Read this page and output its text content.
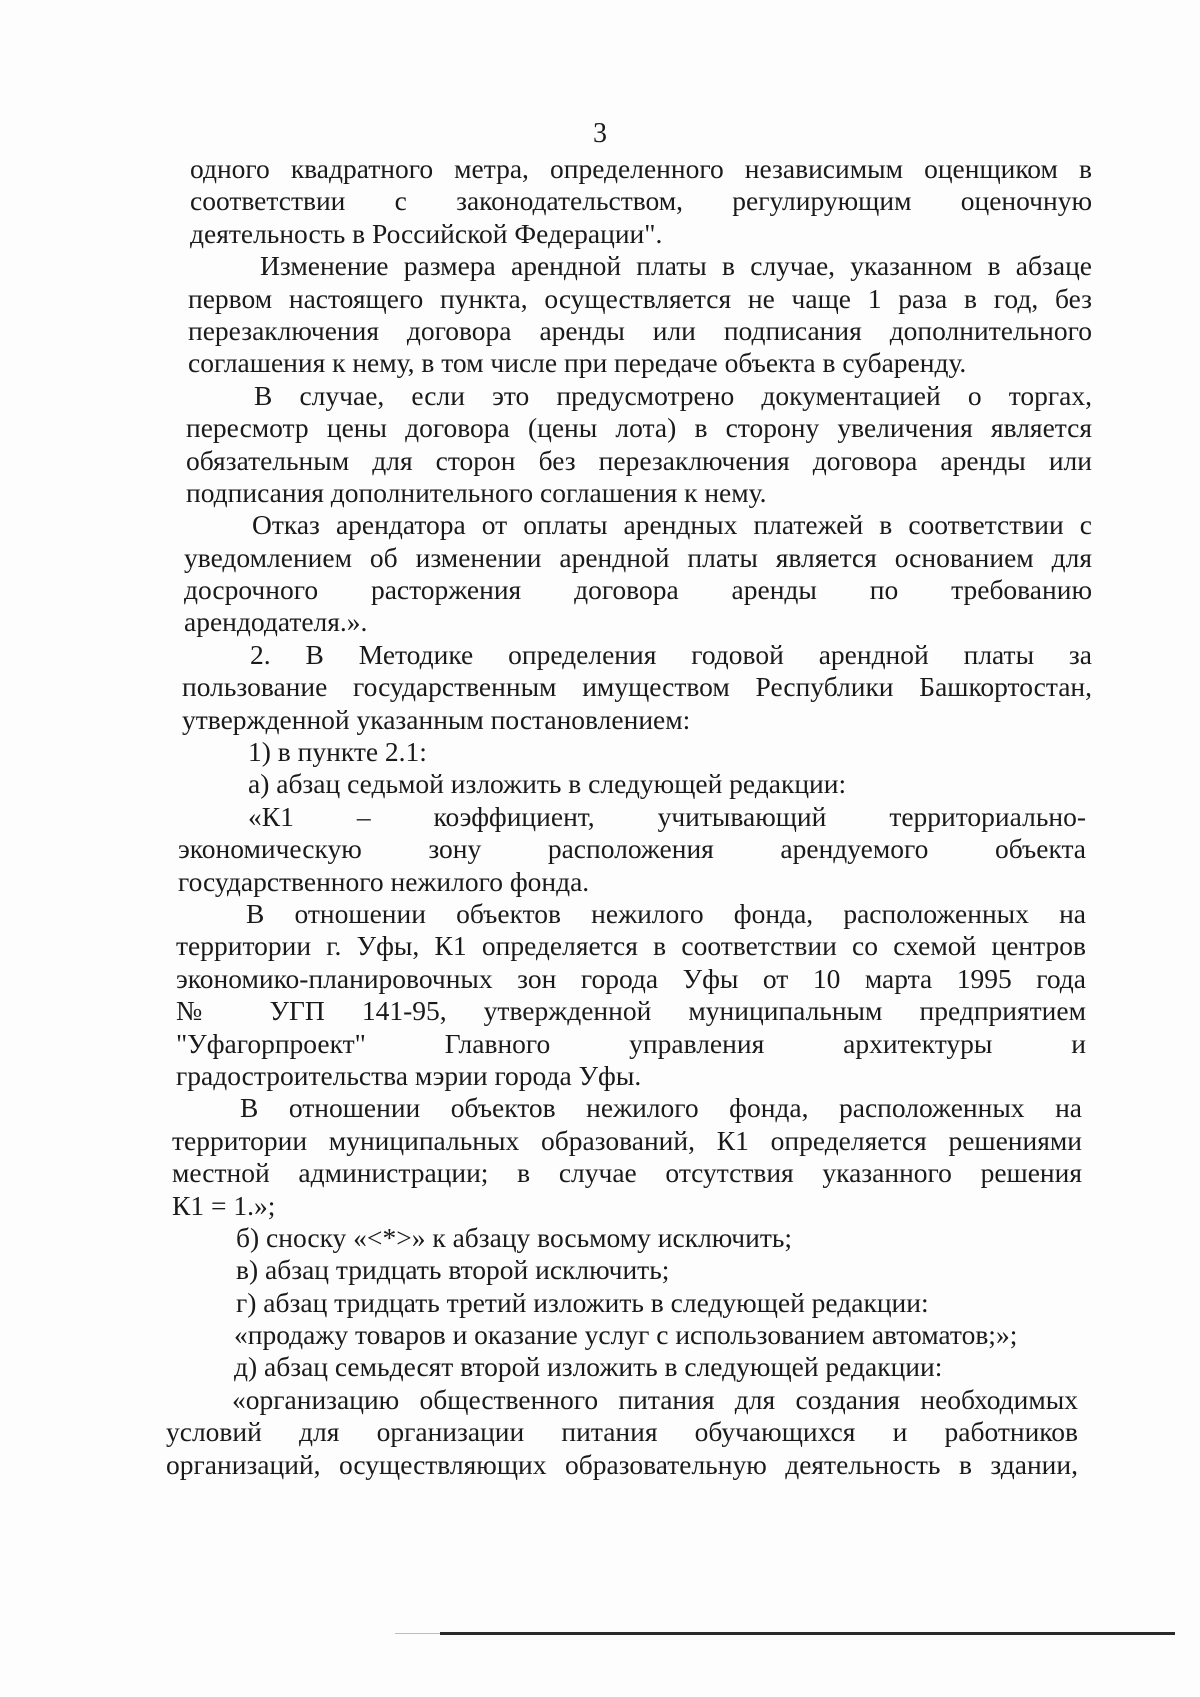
3
одного квадратного метра, определенного независимым оценщиком в
соответствии с законодательством, регулирующим оценочную
деятельность в Российской Федерации".
Изменение размера арендной платы в случае, указанном в абзаце
первом настоящего пункта, осуществляется не чаще 1 раза в год, без
перезаключения договора аренды или подписания дополнительного
соглашения к нему, в том числе при передаче объекта в субаренду.
В случае, если это предусмотрено документацией о торгах,
пересмотр цены договора (цены лота) в сторону увеличения является
обязательным для сторон без перезаключения договора аренды или
подписания дополнительного соглашения к нему.
Отказ арендатора от оплаты арендных платежей в соответствии с
уведомлением об изменении арендной платы является основанием для
досрочного расторжения договора аренды по требованию
арендодателя.».
2. В Методике определения годовой арендной платы за
пользование государственным имуществом Республики Башкортостан,
утвержденной указанным постановлением:
1) в пункте 2.1:
а) абзац седьмой изложить в следующей редакции:
«К1 – коэффициент, учитывающий территориально-
экономическую зону расположения арендуемого объекта
государственного нежилого фонда.
В отношении объектов нежилого фонда, расположенных на
территории г. Уфы, К1 определяется в соответствии со схемой центров
экономико-планировочных зон города Уфы от 10 марта 1995 года
№ УГП 141-95, утвержденной муниципальным предприятием
"Уфагорпроект" Главного управления архитектуры и
градостроительства мэрии города Уфы.
В отношении объектов нежилого фонда, расположенных на
территории муниципальных образований, К1 определяется решениями
местной администрации; в случае отсутствия указанного решения
К1 = 1.»;
б) сноску «<*>» к абзацу восьмому исключить;
в) абзац тридцать второй исключить;
г) абзац тридцать третий изложить в следующей редакции:
«продажу товаров и оказание услуг с использованием автоматов;»;
д) абзац семьдесят второй изложить в следующей редакции:
«организацию общественного питания для создания необходимых
условий для организации питания обучающихся и работников
организаций, осуществляющих образовательную деятельность в здании,
